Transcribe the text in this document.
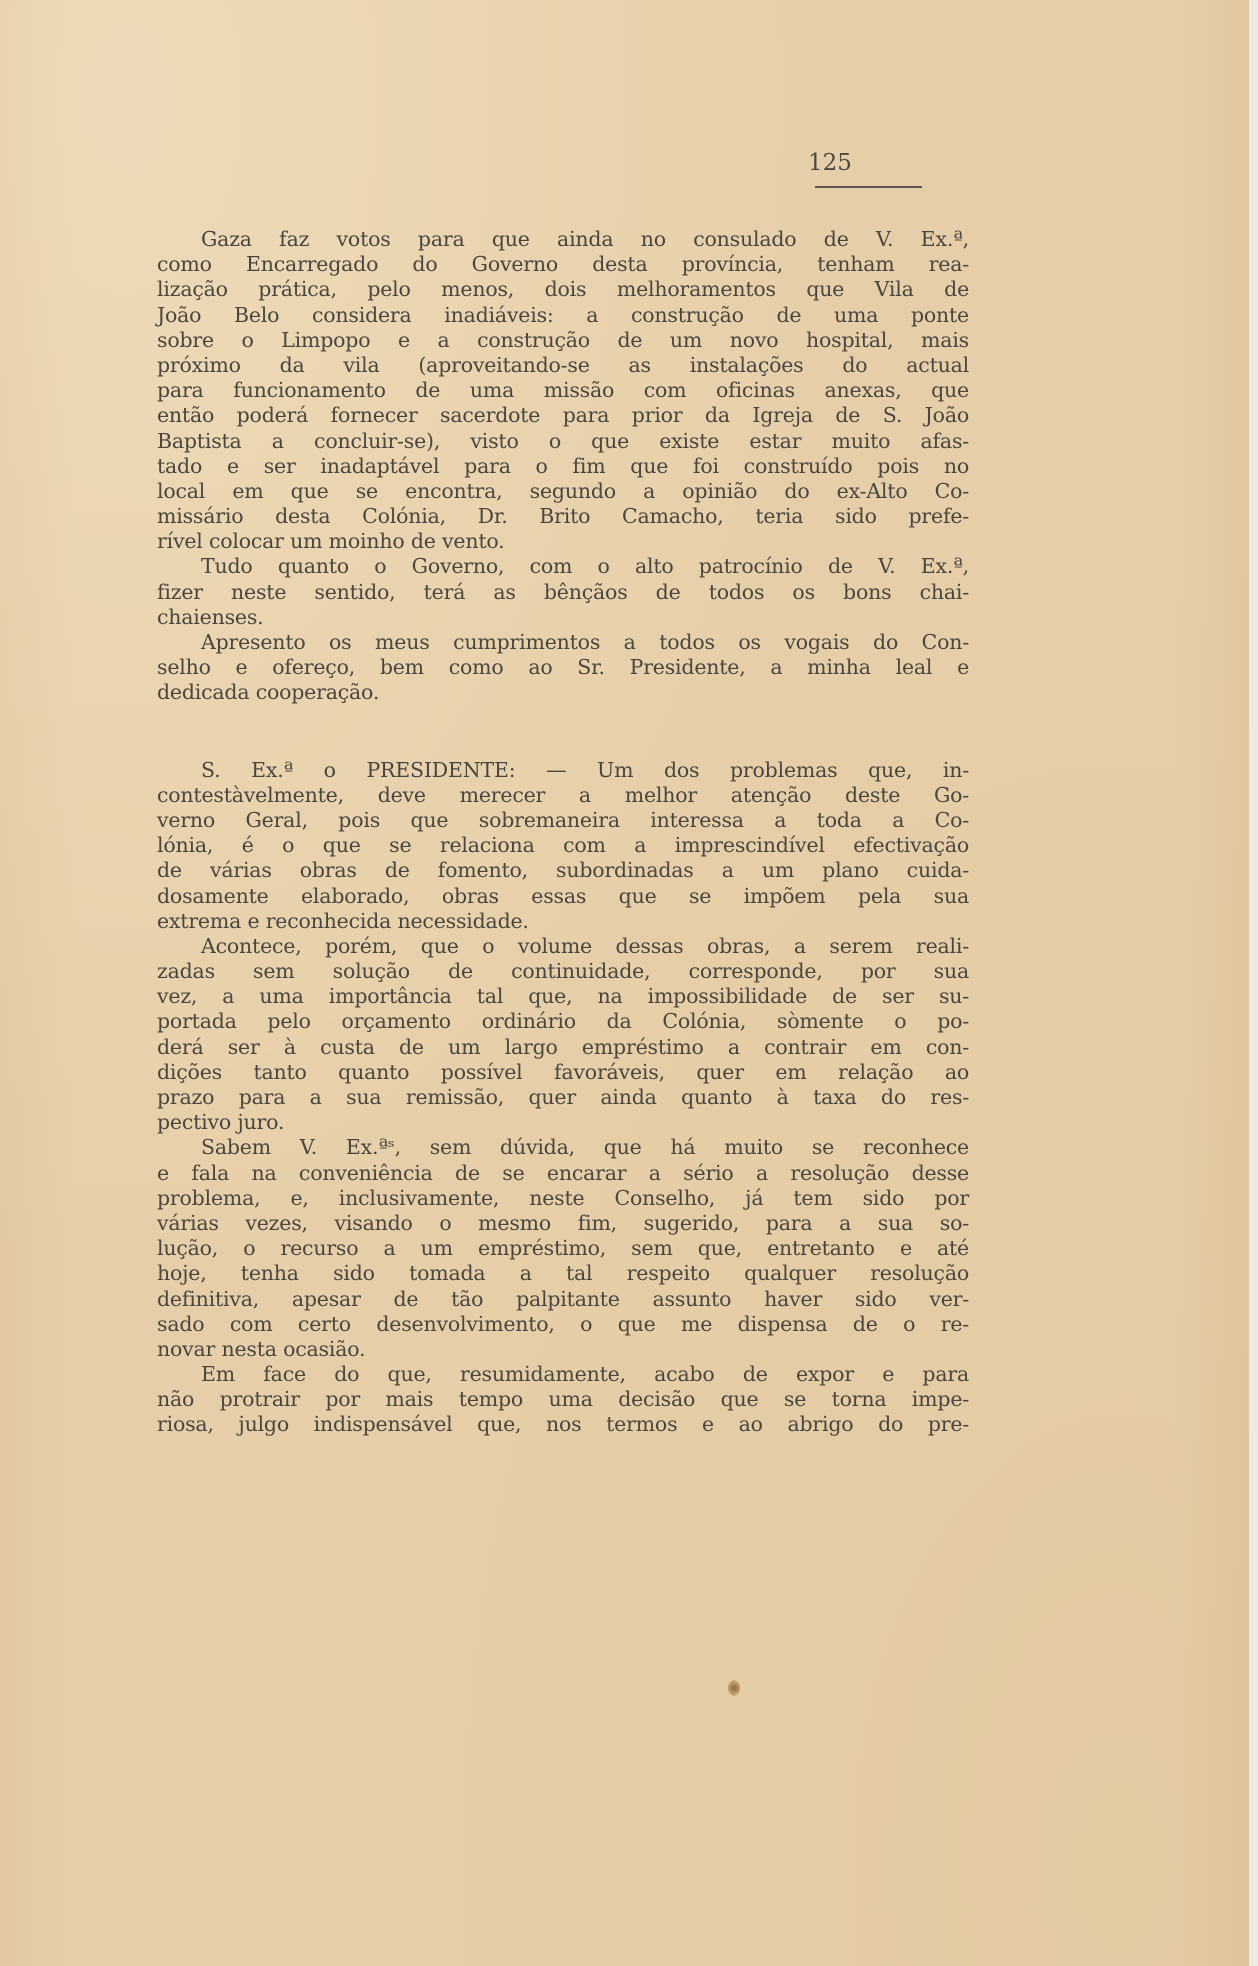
125
Gaza faz votos para que ainda no consulado de V. Ex.ª,
como Encarregado do Governo desta província, tenham rea-
lização prática, pelo menos, dois melhoramentos que Vila de
João Belo considera inadiáveis: a construção de uma ponte
sobre o Limpopo e a construção de um novo hospital, mais
próximo da vila (aproveitando-se as instalações do actual
para funcionamento de uma missão com oficinas anexas, que
então poderá fornecer sacerdote para prior da Igreja de S. João
Baptista a concluir-se), visto o que existe estar muito afas-
tado e ser inadaptável para o fim que foi construído pois no
local em que se encontra, segundo a opinião do ex-Alto Co-
missário desta Colónia, Dr. Brito Camacho, teria sido prefe-
rível colocar um moinho de vento.
Tudo quanto o Governo, com o alto patrocínio de V. Ex.ª,
fizer neste sentido, terá as bênçãos de todos os bons chai-
chaienses.
Apresento os meus cumprimentos a todos os vogais do Con-
selho e ofereço, bem como ao Sr. Presidente, a minha leal e
dedicada cooperação.
S. Ex.ª o PRESIDENTE: — Um dos problemas que, in-
contestàvelmente, deve merecer a melhor atenção deste Go-
verno Geral, pois que sobremaneira interessa a toda a Co-
lónia, é o que se relaciona com a imprescindível efectivação
de várias obras de fomento, subordinadas a um plano cuida-
dosamente elaborado, obras essas que se impõem pela sua
extrema e reconhecida necessidade.
Acontece, porém, que o volume dessas obras, a serem reali-
zadas sem solução de continuidade, corresponde, por sua
vez, a uma importância tal que, na impossibilidade de ser su-
portada pelo orçamento ordinário da Colónia, sòmente o po-
derá ser à custa de um largo empréstimo a contrair em con-
dições tanto quanto possível favoráveis, quer em relação ao
prazo para a sua remissão, quer ainda quanto à taxa do res-
pectivo juro.
Sabem V. Ex.ªˢ, sem dúvida, que há muito se reconhece
e fala na conveniência de se encarar a sério a resolução desse
problema, e, inclusivamente, neste Conselho, já tem sido por
várias vezes, visando o mesmo fim, sugerido, para a sua so-
lução, o recurso a um empréstimo, sem que, entretanto e até
hoje, tenha sido tomada a tal respeito qualquer resolução
definitiva, apesar de tão palpitante assunto haver sido ver-
sado com certo desenvolvimento, o que me dispensa de o re-
novar nesta ocasião.
Em face do que, resumidamente, acabo de expor e para
não protrair por mais tempo uma decisão que se torna impe-
riosa, julgo indispensável que, nos termos e ao abrigo do pre-
